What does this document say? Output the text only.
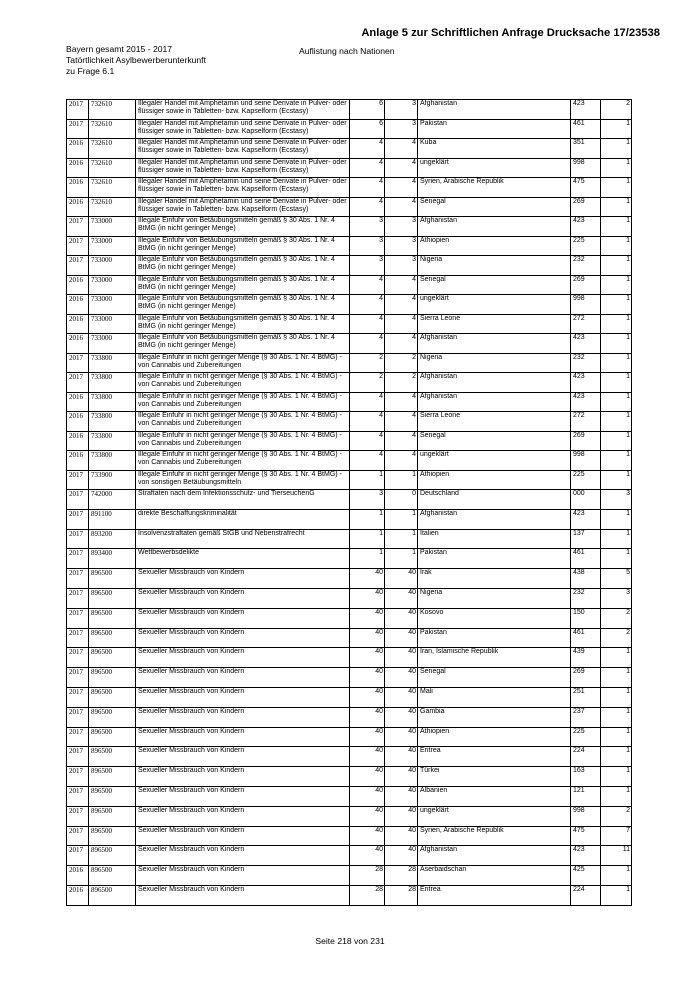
Anlage 5 zur Schriftlichen Anfrage Drucksache 17/23538
Bayern gesamt 2015 - 2017
Tatörtlichkeit Asylbewerberunterkunft
zu Frage 6.1
Auflistung nach Nationen
2017	732610	Illegaler Handel mit Amphetamin und seine Derivate in Pulver- oder flüssiger sowie in Tabletten- bzw. Kapselform (Ecstasy)	6	3	Afghanistan	423	2
2017	732610	Illegaler Handel mit Amphetamin und seine Derivate in Pulver- oder flüssiger sowie in Tabletten- bzw. Kapselform (Ecstasy)	6	3	Pakistan	461	1
2016	732610	Illegaler Handel mit Amphetamin und seine Derivate in Pulver- oder flüssiger sowie in Tabletten- bzw. Kapselform (Ecstasy)	4	4	Kuba	351	1
2016	732610	Illegaler Handel mit Amphetamin und seine Derivate in Pulver- oder flüssiger sowie in Tabletten- bzw. Kapselform (Ecstasy)	4	4	ungeklärt	998	1
2016	732610	Illegaler Handel mit Amphetamin und seine Derivate in Pulver- oder flüssiger sowie in Tabletten- bzw. Kapselform (Ecstasy)	4	4	Syrien, Arabische Republik	475	1
2016	732610	Illegaler Handel mit Amphetamin und seine Derivate in Pulver- oder flüssiger sowie in Tabletten- bzw. Kapselform (Ecstasy)	4	4	Senegal	269	1
2017	733000	Illegale Einfuhr von Betäubungsmitteln gemäß § 30 Abs. 1 Nr. 4 BtMG (in nicht geringer Menge)	3	3	Afghanistan	423	1
2017	733000	Illegale Einfuhr von Betäubungsmitteln gemäß § 30 Abs. 1 Nr. 4 BtMG (in nicht geringer Menge)	3	3	Äthiopien	225	1
2017	733000	Illegale Einfuhr von Betäubungsmitteln gemäß § 30 Abs. 1 Nr. 4 BtMG (in nicht geringer Menge)	3	3	Nigeria	232	1
2016	733000	Illegale Einfuhr von Betäubungsmitteln gemäß § 30 Abs. 1 Nr. 4 BtMG (in nicht geringer Menge)	4	4	Senegal	269	1
2016	733000	Illegale Einfuhr von Betäubungsmitteln gemäß § 30 Abs. 1 Nr. 4 BtMG (in nicht geringer Menge)	4	4	ungeklärt	998	1
2016	733000	Illegale Einfuhr von Betäubungsmitteln gemäß § 30 Abs. 1 Nr. 4 BtMG (in nicht geringer Menge)	4	4	Sierra Leone	272	1
2016	733000	Illegale Einfuhr von Betäubungsmitteln gemäß § 30 Abs. 1 Nr. 4 BtMG (in nicht geringer Menge)	4	4	Afghanistan	423	1
2017	733800	Illegale Einfuhr in nicht geringer Menge (§ 30 Abs. 1 Nr. 4 BtMG) - von Cannabis und Zubereitungen	2	2	Nigeria	232	1
2017	733800	Illegale Einfuhr in nicht geringer Menge (§ 30 Abs. 1 Nr. 4 BtMG) - von Cannabis und Zubereitungen	2	2	Afghanistan	423	1
2016	733800	Illegale Einfuhr in nicht geringer Menge (§ 30 Abs. 1 Nr. 4 BtMG) - von Cannabis und Zubereitungen	4	4	Afghanistan	423	1
2016	733800	Illegale Einfuhr in nicht geringer Menge (§ 30 Abs. 1 Nr. 4 BtMG) - von Cannabis und Zubereitungen	4	4	Sierra Leone	272	1
2016	733800	Illegale Einfuhr in nicht geringer Menge (§ 30 Abs. 1 Nr. 4 BtMG) - von Cannabis und Zubereitungen	4	4	Senegal	269	1
2016	733800	Illegale Einfuhr in nicht geringer Menge (§ 30 Abs. 1 Nr. 4 BtMG) - von Cannabis und Zubereitungen	4	4	ungeklärt	998	1
2017	733900	Illegale Einfuhr in nicht geringer Menge (§ 30 Abs. 1 Nr. 4 BtMG) - von sonstigen Betäubungsmitteln	1	1	Äthiopien	225	1
2017	742000	Straftaten nach dem Infektionsschutz- und TierseuchenG	3	0	Deutschland	000	3
2017	891100	direkte Beschaffungskriminalität	1	1	Afghanistan	423	1
2017	893200	Insolvenzstraftaten gemäß StGB und Nebenstrafrecht	1	1	Italien	137	1
2017	893400	Wettbewerbsdelikte	1	1	Pakistan	461	1
2017	896500	Sexueller Missbrauch von Kindern	40	40	Irak	438	5
2017	896500	Sexueller Missbrauch von Kindern	40	40	Nigeria	232	3
2017	896500	Sexueller Missbrauch von Kindern	40	40	Kosovo	150	2
2017	896500	Sexueller Missbrauch von Kindern	40	40	Pakistan	461	2
2017	896500	Sexueller Missbrauch von Kindern	40	40	Iran, Islamische Republik	439	1
2017	896500	Sexueller Missbrauch von Kindern	40	40	Senegal	269	1
2017	896500	Sexueller Missbrauch von Kindern	40	40	Mali	251	1
2017	896500	Sexueller Missbrauch von Kindern	40	40	Gambia	237	1
2017	896500	Sexueller Missbrauch von Kindern	40	40	Äthiopien	225	1
2017	896500	Sexueller Missbrauch von Kindern	40	40	Eritrea	224	1
2017	896500	Sexueller Missbrauch von Kindern	40	40	Türkei	163	1
2017	896500	Sexueller Missbrauch von Kindern	40	40	Albanien	121	1
2017	896500	Sexueller Missbrauch von Kindern	40	40	ungeklärt	998	2
2017	896500	Sexueller Missbrauch von Kindern	40	40	Syrien, Arabische Republik	475	7
2017	896500	Sexueller Missbrauch von Kindern	40	40	Afghanistan	423	11
2016	896500	Sexueller Missbrauch von Kindern	28	28	Aserbaidschan	425	1
2016	896500	Sexueller Missbrauch von Kindern	28	28	Eritrea	224	1
Seite 218 von 231
